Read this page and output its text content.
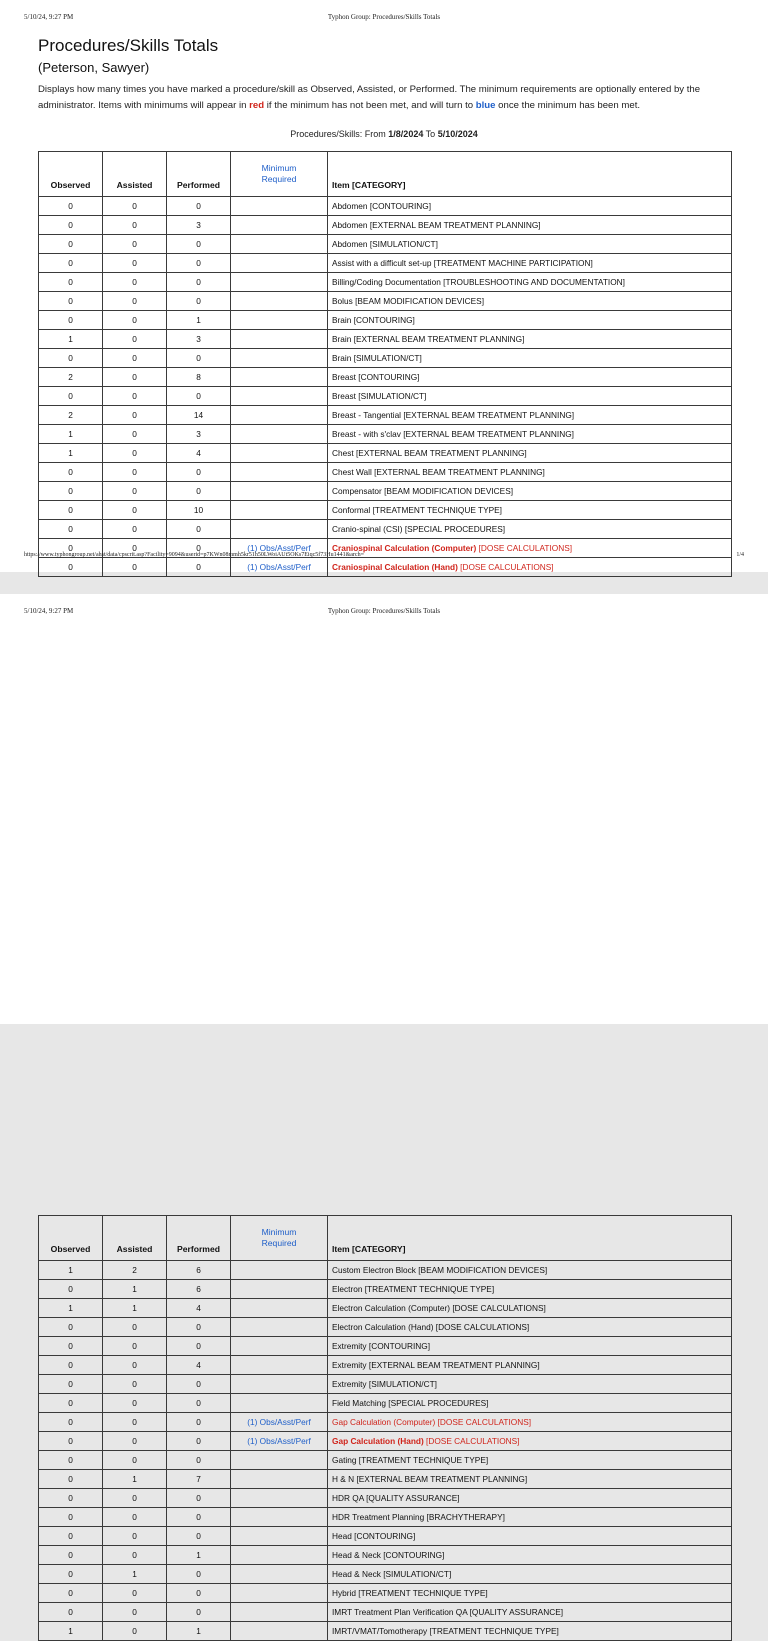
5/10/24, 9:27 PM	Typhon Group: Procedures/Skills Totals
Procedures/Skills Totals
(Peterson, Sawyer)

Displays how many times you have marked a procedure/skill as Observed, Assisted, or Performed. The minimum requirements are optionally entered by the administrator. Items with minimums will appear in red if the minimum has not been met, and will turn to blue once the minimum has been met.

Procedures/Skills: From 1/8/2024 To 5/10/2024
Observed	Assisted	Performed	Minimum
Required	Item [CATEGORY]
0	0	0		Abdomen [CONTOURING]
0	0	3		Abdomen [EXTERNAL BEAM TREATMENT PLANNING]
0	0	0		Abdomen [SIMULATION/CT]
0	0	0		Assist with a difficult set-up [TREATMENT MACHINE PARTICIPATION]
0	0	0		Billing/Coding Documentation [TROUBLESHOOTING AND DOCUMENTATION]
0	0	0		Bolus [BEAM MODIFICATION DEVICES]
0	0	1		Brain [CONTOURING]
1	0	3		Brain [EXTERNAL BEAM TREATMENT PLANNING]
0	0	0		Brain [SIMULATION/CT]
2	0	8		Breast [CONTOURING]
0	0	0		Breast [SIMULATION/CT]
2	0	14		Breast - Tangential [EXTERNAL BEAM TREATMENT PLANNING]
1	0	3		Breast - with s'clav [EXTERNAL BEAM TREATMENT PLANNING]
1	0	4		Chest [EXTERNAL BEAM TREATMENT PLANNING]
0	0	0		Chest Wall [EXTERNAL BEAM TREATMENT PLANNING]
0	0	0		Compensator [BEAM MODIFICATION DEVICES]
0	0	10		Conformal [TREATMENT TECHNIQUE TYPE]
0	0	0		Cranio-spinal (CSI) [SPECIAL PROCEDURES]
0	0	0	(1) Obs/Asst/Perf	Craniospinal Calculation (Computer) [DOSE CALCULATIONS]
0	0	0	(1) Obs/Asst/Perf	Craniospinal Calculation (Hand) [DOSE CALCULATIONS]
https://www.typhongroup.net/ahst/data/cpscrit.asp?Facility=9094&userid=p7KWn08mmh5kr51h50LWoiAUt5OKs7Eiqc5f73Hu1441&arch=	1/4
5/10/24, 9:27 PM	Typhon Group: Procedures/Skills Totals
Observed	Assisted	Performed	Minimum
Required	Item [CATEGORY]
1	2	6		Custom Electron Block [BEAM MODIFICATION DEVICES]
0	1	6		Electron [TREATMENT TECHNIQUE TYPE]
1	1	4		Electron Calculation (Computer) [DOSE CALCULATIONS]
0	0	0		Electron Calculation (Hand) [DOSE CALCULATIONS]
0	0	0		Extremity [CONTOURING]
0	0	4		Extremity [EXTERNAL BEAM TREATMENT PLANNING]
0	0	0		Extremity [SIMULATION/CT]
0	0	0		Field Matching [SPECIAL PROCEDURES]
0	0	0	(1) Obs/Asst/Perf	Gap Calculation (Computer) [DOSE CALCULATIONS]
0	0	0	(1) Obs/Asst/Perf	Gap Calculation (Hand) [DOSE CALCULATIONS]
0	0	0		Gating [TREATMENT TECHNIQUE TYPE]
0	1	7		H & N [EXTERNAL BEAM TREATMENT PLANNING]
0	0	0		HDR QA [QUALITY ASSURANCE]
0	0	0		HDR Treatment Planning [BRACHYTHERAPY]
0	0	0		Head [CONTOURING]
0	0	1		Head & Neck [CONTOURING]
0	1	0		Head & Neck [SIMULATION/CT]
0	0	0		Hybrid [TREATMENT TECHNIQUE TYPE]
0	0	0		IMRT Treatment Plan Verification QA [QUALITY ASSURANCE]
1	0	1		IMRT/VMAT/Tomotherapy [TREATMENT TECHNIQUE TYPE]
